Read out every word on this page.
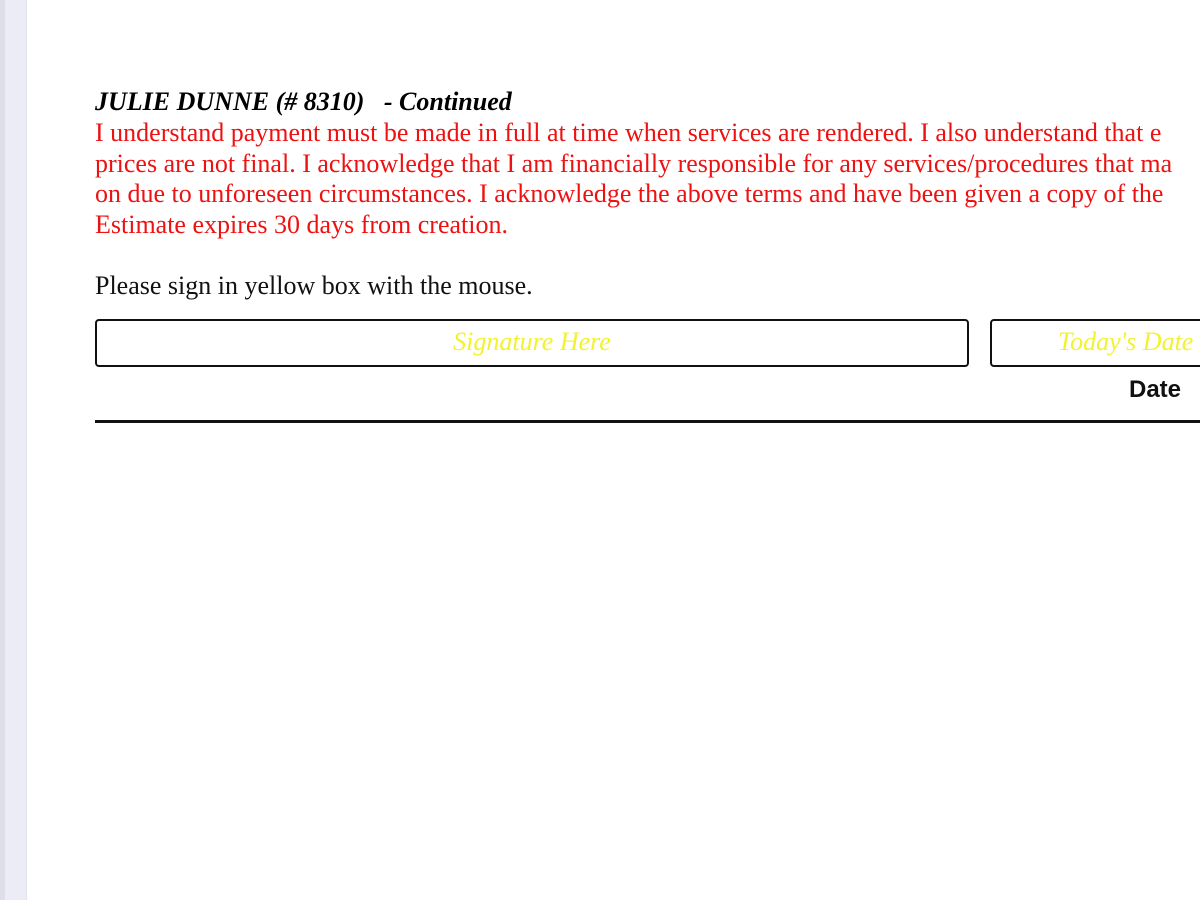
JULIE DUNNE (# 8310)   - Continued

I understand payment must be made in full at time when services are rendered. I also understand that e
prices are not final. I acknowledge that I am financially responsible for any services/procedures that ma
on due to unforeseen circumstances. I acknowledge the above terms and have been given a copy of the
Estimate expires 30 days from creation.

Please sign in yellow box with the mouse.
Signature Here	Today's Date
Date
